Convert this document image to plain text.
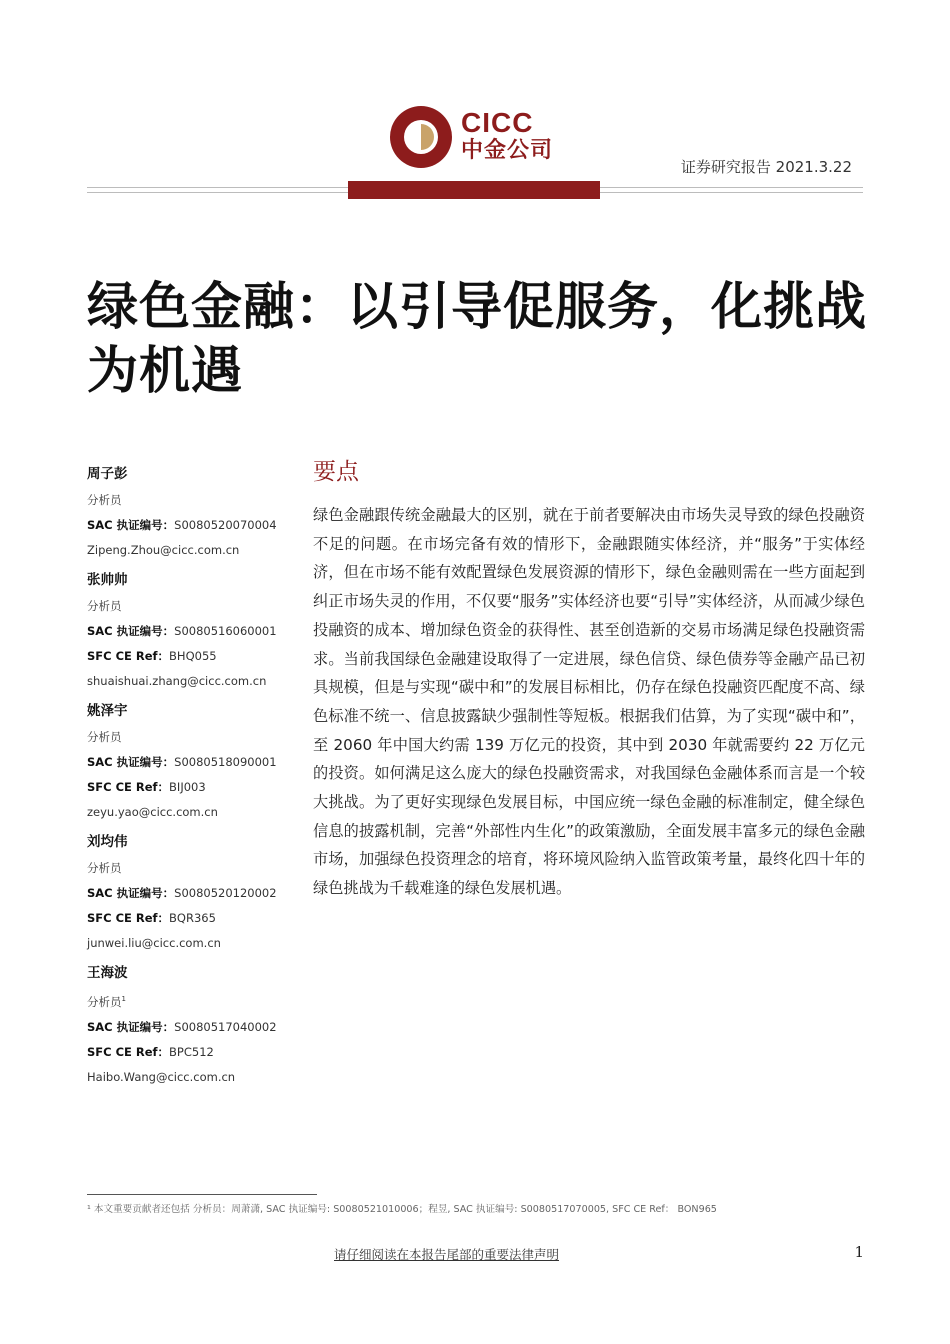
CICC
中金公司
证券研究报告 2021.3.22
绿色金融：以引导促服务，化挑战为机遇
周子彭
分析员
SAC 执证编号：S0080520070004
Zipeng.Zhou@cicc.com.cn
张帅帅
分析员
SAC 执证编号：S0080516060001
SFC CE Ref：BHQ055
shuaishuai.zhang@cicc.com.cn
姚泽宇
分析员
SAC 执证编号：S0080518090001
SFC CE Ref：BIJ003
zeyu.yao@cicc.com.cn
刘均伟
分析员
SAC 执证编号：S0080520120002
SFC CE Ref：BQR365
junwei.liu@cicc.com.cn
王海波
分析员$^1$
SAC 执证编号：S0080517040002
SFC CE Ref：BPC512
Haibo.Wang@cicc.com.cn
要点
绿色金融跟传统金融最大的区别，就在于前者要解决由市场失灵导致的绿色投融资不足的问题。在市场完备有效的情形下，金融跟随实体经济，并“服务”于实体经济，但在市场不能有效配置绿色发展资源的情形下，绿色金融则需在一些方面起到纠正市场失灵的作用，不仅要“服务”实体经济也要“引导”实体经济，从而减少绿色投融资的成本、增加绿色资金的获得性、甚至创造新的交易市场满足绿色投融资需求。当前我国绿色金融建设取得了一定进展，绿色信贷、绿色债券等金融产品已初具规模，但是与实现“碳中和”的发展目标相比，仍存在绿色投融资匹配度不高、绿色标准不统一、信息披露缺少强制性等短板。根据我们估算，为了实现“碳中和”，至 2060 年中国大约需 139 万亿元的投资，其中到 2030 年就需要约 22 万亿元的投资。如何满足这么庞大的绿色投融资需求，对我国绿色金融体系而言是一个较大挑战。为了更好实现绿色发展目标，中国应统一绿色金融的标准制定，健全绿色信息的披露机制，完善“外部性内生化”的政策激励，全面发展丰富多元的绿色金融市场，加强绿色投资理念的培育，将环境风险纳入监管政策考量，最终化四十年的绿色挑战为千载难逢的绿色发展机遇。
¹ 本文重要贡献者还包括 分析员：周萧潇, SAC 执证编号: S0080521010006；程昱, SAC 执证编号: S0080517070005, SFC CE Ref： BON965
请仔细阅读在本报告尾部的重要法律声明	1
